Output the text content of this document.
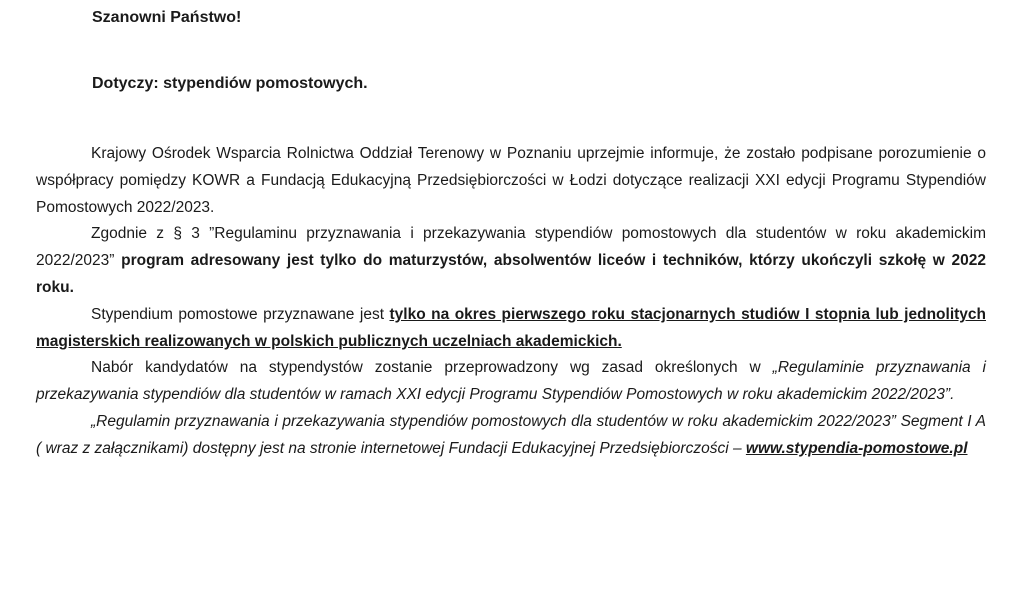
Szanowni Państwo!
Dotyczy: stypendiów pomostowych.

Krajowy Ośrodek Wsparcia Rolnictwa Oddział Terenowy w Poznaniu uprzejmie informuje, że zostało podpisane porozumienie o współpracy pomiędzy KOWR a Fundacją Edukacyjną Przedsiębiorczości w Łodzi dotyczące realizacji XXI edycji Programu Stypendiów Pomostowych 2022/2023.

Zgodnie z § 3 ”Regulaminu przyznawania i przekazywania stypendiów pomostowych dla studentów w roku akademickim 2022/2023” program adresowany jest tylko do maturzystów, absolwentów liceów i techników, którzy ukończyli szkołę w 2022 roku.

Stypendium pomostowe przyznawane jest tylko na okres pierwszego roku stacjonarnych studiów I stopnia lub jednolitych magisterskich realizowanych w polskich publicznych uczelniach akademickich.

Nabór kandydatów na stypendystów zostanie przeprowadzony wg zasad określonych w „Regulaminie przyznawania i przekazywania stypendiów dla studentów w ramach XXI edycji Programu Stypendiów Pomostowych w roku akademickim 2022/2023”.

„Regulamin przyznawania i przekazywania stypendiów pomostowych dla studentów w roku akademickim 2022/2023” Segment I A ( wraz z załącznikami) dostępny jest na stronie internetowej Fundacji Edukacyjnej Przedsiębiorczości – www.stypendia-pomostowe.pl
